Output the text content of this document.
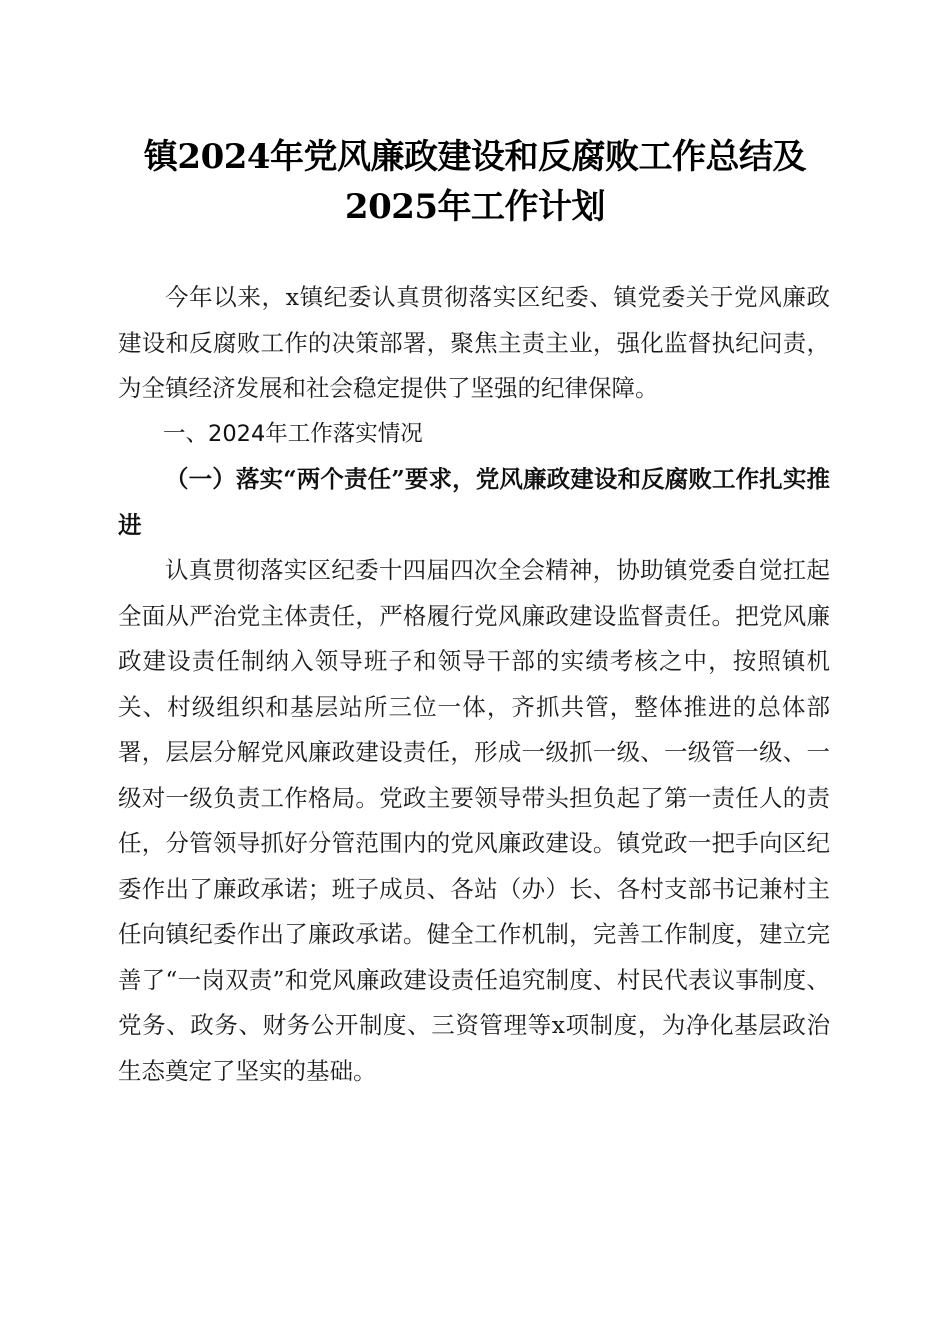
镇2024年党风廉政建设和反腐败工作总结及
2025年工作计划

今年以来，x镇纪委认真贯彻落实区纪委、镇党委关于党风廉政建设和反腐败工作的决策部署，聚焦主责主业，强化监督执纪问责，为全镇经济发展和社会稳定提供了坚强的纪律保障。

一、2024年工作落实情况

（一）落实“两个责任”要求，党风廉政建设和反腐败工作扎实推进

认真贯彻落实区纪委十四届四次全会精神，协助镇党委自觉扛起全面从严治党主体责任，严格履行党风廉政建设监督责任。把党风廉政建设责任制纳入领导班子和领导干部的实绩考核之中，按照镇机关、村级组织和基层站所三位一体，齐抓共管，整体推进的总体部署，层层分解党风廉政建设责任，形成一级抓一级、一级管一级、一级对一级负责工作格局。党政主要领导带头担负起了第一责任人的责任，分管领导抓好分管范围内的党风廉政建设。镇党政一把手向区纪委作出了廉政承诺；班子成员、各站（办）长、各村支部书记兼村主任向镇纪委作出了廉政承诺。健全工作机制，完善工作制度，建立完善了“一岗双责”和党风廉政建设责任追究制度、村民代表议事制度、党务、政务、财务公开制度、三资管理等x项制度，为净化基层政治生态奠定了坚实的基础。
